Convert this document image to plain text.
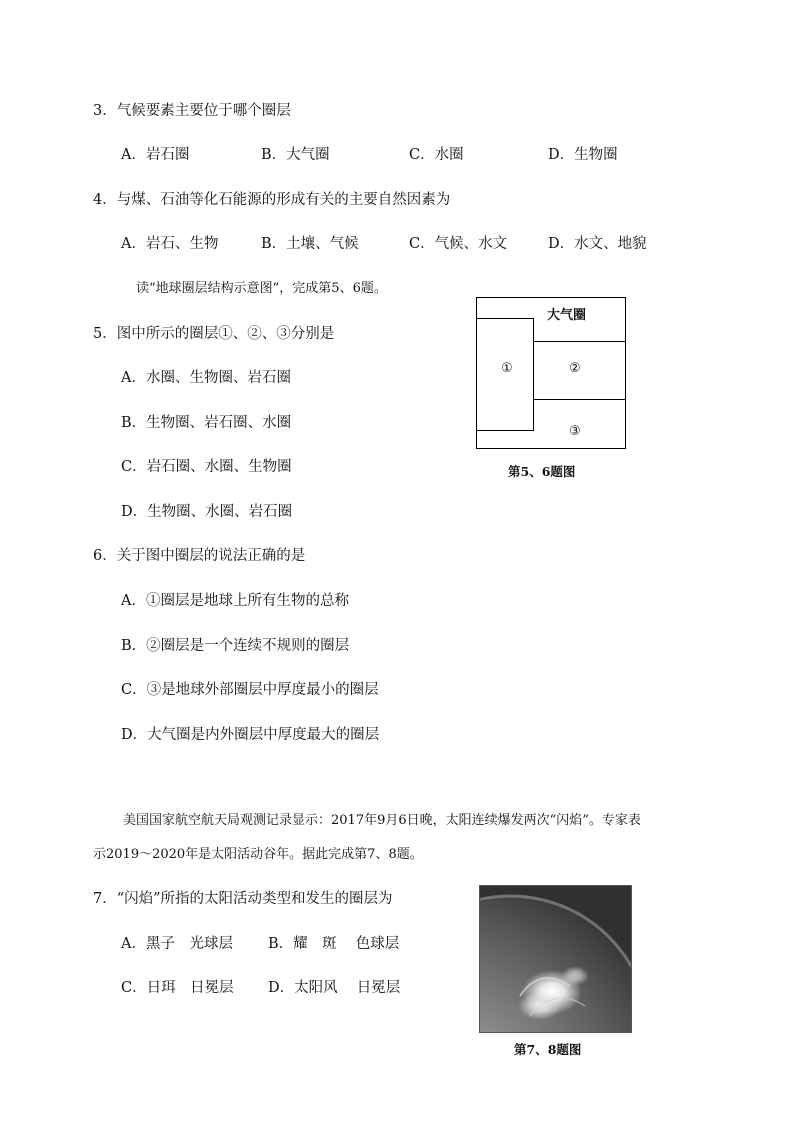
3．气候要素主要位于哪个圈层
A．岩石圈	B．大气圈	C．水圈	D．生物圈
4．与煤、石油等化石能源的形成有关的主要自然因素为
A．岩石、生物	B．土壤、气候	C．气候、水文	D．水文、地貌
读“地球圈层结构示意图”，完成第5、6题。
5．图中所示的圈层①、②、③分别是
A．水圈、生物圈、岩石圈
B．生物圈、岩石圈、水圈
C．岩石圈、水圈、生物圈
D．生物圈、水圈、岩石圈
大气圈
①	②
③
第5、6题图
6．关于图中圈层的说法正确的是
A．①圈层是地球上所有生物的总称
B．②圈层是一个连续不规则的圈层
C．③是地球外部圈层中厚度最小的圈层
D．大气圈是内外圈层中厚度最大的圈层
美国国家航空航天局观测记录显示：2017年9月6日晚，太阳连续爆发两次“闪焰”。专家表
示2019～2020年是太阳活动谷年。据此完成第7、8题。
7．“闪焰”所指的太阳活动类型和发生的圈层为
A．黑子　光球层 B．耀　斑　 色球层
C．日珥　日冕层 D．太阳风　 日冕层
第7、8题图
